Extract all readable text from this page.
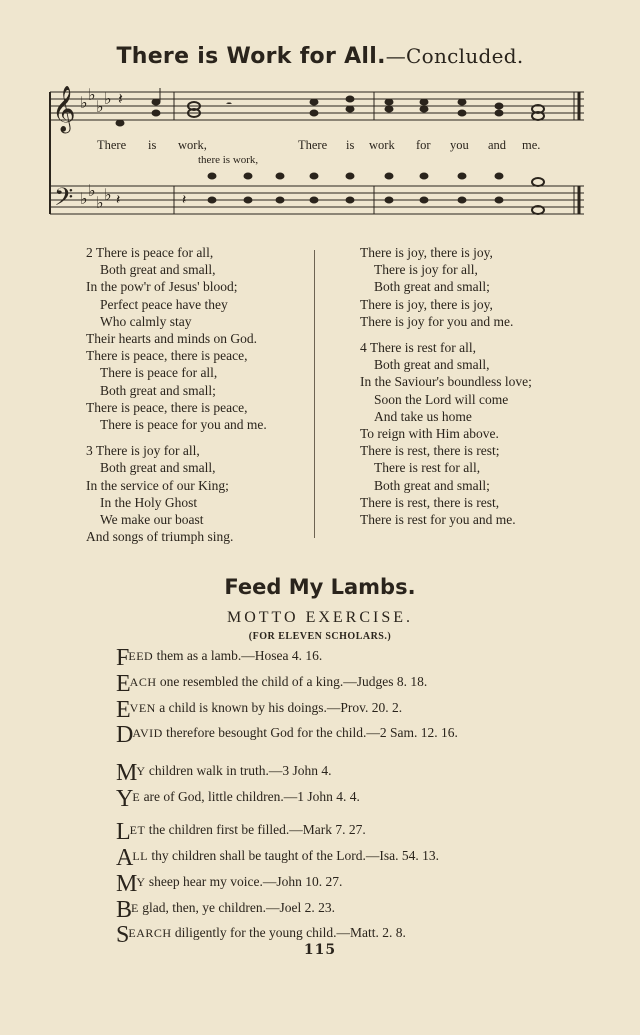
There is Work for All.—Concluded.
𝄞
𝄢
♭ ♭
♭ ♭
♭ ♭
♭ ♭
𝄽	𝄼
𝄽	𝄽
There is work,	There is work for you and me.
there is work,
2 There is peace for all,
Both great and small,
In the pow'r of Jesus' blood;
Perfect peace have they
Who calmly stay
Their hearts and minds on God.
There is peace, there is peace,
There is peace for all,
Both great and small;
There is peace, there is peace,
There is peace for you and me.
3 There is joy for all,
Both great and small,
In the service of our King;
In the Holy Ghost
We make our boast
And songs of triumph sing.
There is joy, there is joy,
There is joy for all,
Both great and small;
There is joy, there is joy,
There is joy for you and me.
4 There is rest for all,
Both great and small,
In the Saviour's boundless love;
Soon the Lord will come
And take us home
To reign with Him above.
There is rest, there is rest;
There is rest for all,
Both great and small;
There is rest, there is rest,
There is rest for you and me.
Feed My Lambs.
MOTTO EXERCISE.
(FOR ELEVEN SCHOLARS.)
FEED them as a lamb.—Hosea 4. 16.
EACH one resembled the child of a king.—Judges 8. 18.
EVEN a child is known by his doings.—Prov. 20. 2.
DAVID therefore besought God for the child.—2 Sam. 12. 16.
MY children walk in truth.—3 John 4.
YE are of God, little children.—1 John 4. 4.
LET the children first be filled.—Mark 7. 27.
ALL thy children shall be taught of the Lord.—Isa. 54. 13.
MY sheep hear my voice.—John 10. 27.
BE glad, then, ye children.—Joel 2. 23.
SEARCH diligently for the young child.—Matt. 2. 8.
115
